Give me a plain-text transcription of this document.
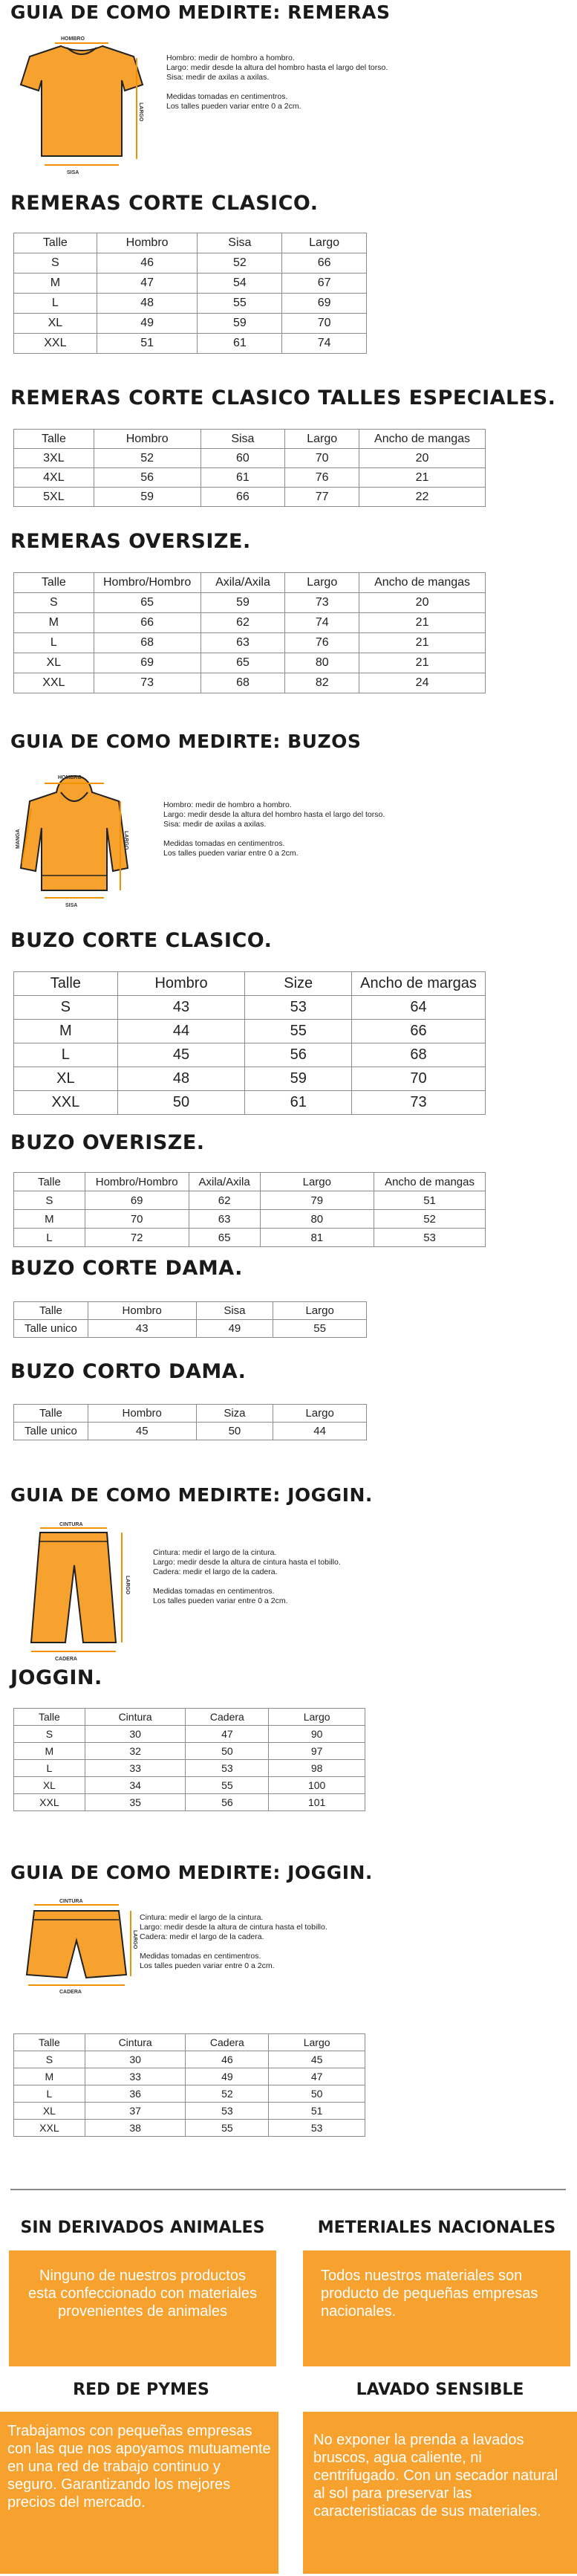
GUIA DE COMO MEDIRTE: REMERAS
HOMBRO
LARGO
SISA
Hombro: medir de hombro a hombro.
Largo: medir desde la altura del hombro hasta el largo del torso.
Sisa: medir de axilas a axilas.
Medidas tomadas en centimentros.
Los talles pueden variar entre 0 a 2cm.
REMERAS CORTE CLASICO.
Talle	Hombro	Sisa	Largo
S	46	52	66
M	47	54	67
L	48	55	69
XL	49	59	70
XXL	51	61	74
REMERAS CORTE CLASICO TALLES ESPECIALES.
Talle	Hombro	Sisa	Largo	Ancho de mangas
3XL	52	60	70	20
4XL	56	61	76	21
5XL	59	66	77	22
REMERAS OVERSIZE.
Talle	Hombro/Hombro	Axila/Axila	Largo	Ancho de mangas
S	65	59	73	20
M	66	62	74	21
L	68	63	76	21
XL	69	65	80	21
XXL	73	68	82	24
GUIA DE COMO MEDIRTE: BUZOS
HOMBRO
LARGO
MANGA
SISA
Hombro: medir de hombro a hombro.
Largo: medir desde la altura del hombro hasta el largo del torso.
Sisa: medir de axilas a axilas.
Medidas tomadas en centimentros.
Los talles pueden variar entre 0 a 2cm.
BUZO CORTE CLASICO.
Talle	Hombro	Size	Ancho de margas
S	43	53	64
M	44	55	66
L	45	56	68
XL	48	59	70
XXL	50	61	73
BUZO OVERISZE.
Talle	Hombro/Hombro	Axila/Axila	Largo	Ancho de mangas
S	69	62	79	51
M	70	63	80	52
L	72	65	81	53
BUZO CORTE DAMA.
Talle	Hombro	Sisa	Largo
Talle unico	43	49	55
BUZO CORTO DAMA.
Talle	Hombro	Siza	Largo
Talle unico	45	50	44
GUIA DE COMO MEDIRTE: JOGGIN.
CINTURA
LARGO
CADERA
Cintura: medir el largo de la cintura.
Largo: medir desde la altura de cintura hasta el tobillo.
Cadera: medir el largo de la cadera.
Medidas tomadas en centimentros.
Los talles pueden variar entre 0 a 2cm.
JOGGIN.
Talle	Cintura	Cadera	Largo
S	30	47	90
M	32	50	97
L	33	53	98
XL	34	55	100
XXL	35	56	101
GUIA DE COMO MEDIRTE: JOGGIN.
CINTURA
LARGO
CADERA
Cintura: medir el largo de la cintura.
Largo: medir desde la altura de cintura hasta el tobillo.
Cadera: medir el largo de la cadera.
Medidas tomadas en centimentros.
Los talles pueden variar entre 0 a 2cm.
Talle	Cintura	Cadera	Largo
S	30	46	45
M	33	49	47
L	36	52	50
XL	37	53	51
XXL	38	55	53
SIN DERIVADOS ANIMALES
Ninguno de nuestros productos esta confeccionado con materiales provenientes de animales
METERIALES NACIONALES
Todos nuestros materiales son producto de pequeñas empresas nacionales.
RED DE PYMES
Trabajamos con pequeñas empresas con las que nos apoyamos mutuamente en una red de trabajo continuo y seguro. Garantizando los mejores precios del mercado.
LAVADO SENSIBLE
No exponer la prenda a lavados bruscos, agua caliente, ni centrifugado. Con un secador natural al sol para preservar las caracteristiacas de sus materiales.
